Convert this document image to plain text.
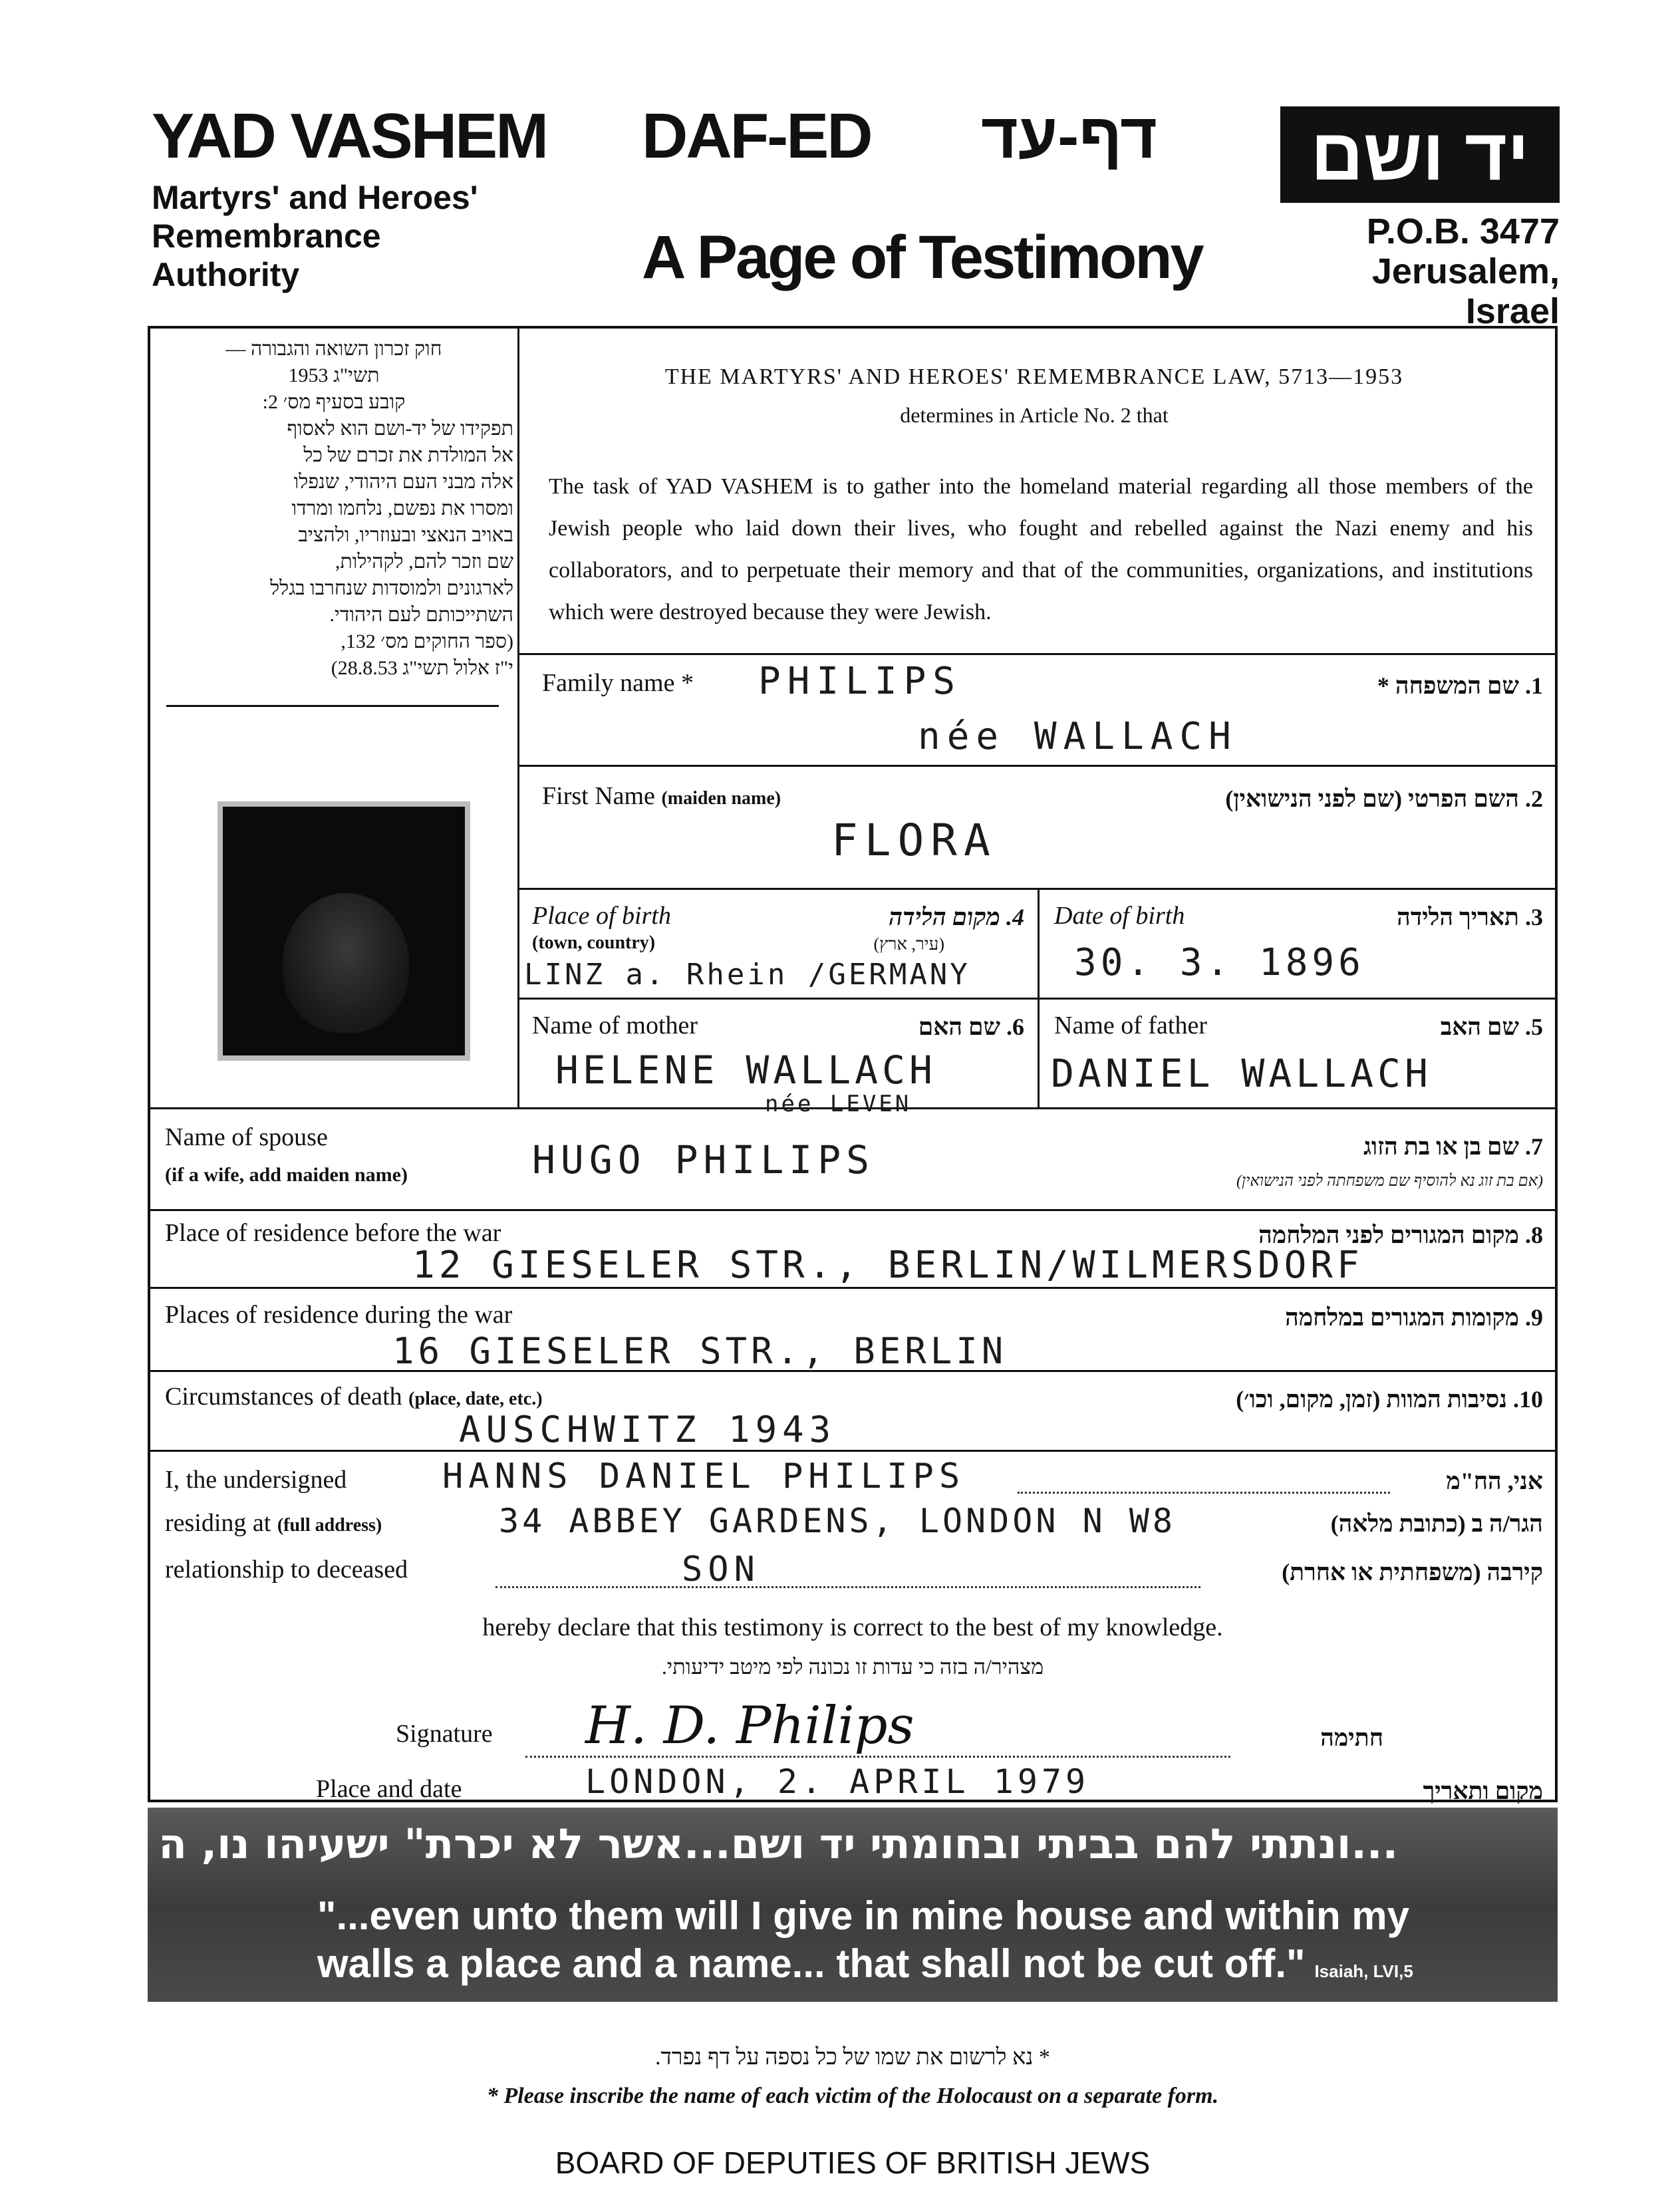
YAD VASHEM
Martyrs' and Heroes'
Remembrance
Authority
DAF-ED דף-עד
A Page of Testimony
יד ושם
P.O.B. 3477
Jerusalem, Israel
חוק זכרון השואה והגבורה —
תשי"ג 1953
קובע בסעיף מס׳ 2:
תפקידו של יד-ושם הוא לאסוף
אל המולדת את זכרם של כל
אלה מבני העם היהודי, שנפלו
ומסרו את נפשם, נלחמו ומרדו
באויב הנאצי ובעוזריו, ולהציב
שם וזכר להם, לקהילות,
לארגונים ולמוסדות שנחרבו בגלל
השתייכותם לעם היהודי.
(ספר החוקים מס׳ 132,
י"ז אלול תשי"ג 28.8.53)
THE MARTYRS' AND HEROES' REMEMBRANCE LAW, 5713—1953
determines in Article No. 2 that
The task of YAD VASHEM is to gather into the homeland material regarding all those members of the Jewish people who laid down their lives, who fought and rebelled against the Nazi enemy and his collaborators, and to perpetuate their memory and that of the communities, organizations, and institutions which were destroyed because they were Jewish.
Family name *	1. שם המשפחה *
PHILIPS
née WALLACH
First Name (maiden name)	2. השם הפרטי (שם לפני הנישואין)
FLORA
Place of birth
(town, country)
4. מקום הלידה
(עיר, ארץ)
LINZ a. Rhein /GERMANY
Date of birth	3. תאריך הלידה
30. 3. 1896
Name of mother	6. שם האם
HELENE WALLACH
née LEVEN
Name of father	5. שם האב
DANIEL WALLACH
Name of spouse
(if a wife, add maiden name)
7. שם בן או בת הזוג
(אם בת זוג נא להוסיף שם משפחתה לפני הנישואין)
HUGO PHILIPS
Place of residence before the war	8. מקום המגורים לפני המלחמה
12 GIESELER STR., BERLIN/WILMERSDORF
Places of residence during the war	9. מקומות המגורים במלחמה
16 GIESELER STR., BERLIN
Circumstances of death (place, date, etc.)	10. נסיבות המוות (זמן, מקום, וכו׳)
AUSCHWITZ 1943
I, the undersigned	HANNS DANIEL PHILIPS	אני, הח"מ
residing at (full address)	34 ABBEY GARDENS, LONDON N W8	הגר/ה ב (כתובת מלאה)
relationship to deceased	SON	קירבה (משפחתית או אחרת)
hereby declare that this testimony is correct to the best of my knowledge.
מצהיר/ה בזה כי עדות זו נכונה לפי מיטב ידיעותי.
Signature H. D. Philips	חתימה
Place and date	LONDON, 2. APRIL 1979	מקום ותאריך
...ונתתי להם בביתי ובחומתי יד ושם...אשר לא יכרת" ישעיהו נו, ה
"...even unto them will I give in mine house and within my
walls a place and a name... that shall not be cut off." Isaiah, LVI,5
* נא לרשום את שמו של כל נספה על דף נפרד.
* Please inscribe the name of each victim of the Holocaust on a separate form.
BOARD OF DEPUTIES OF BRITISH JEWS
